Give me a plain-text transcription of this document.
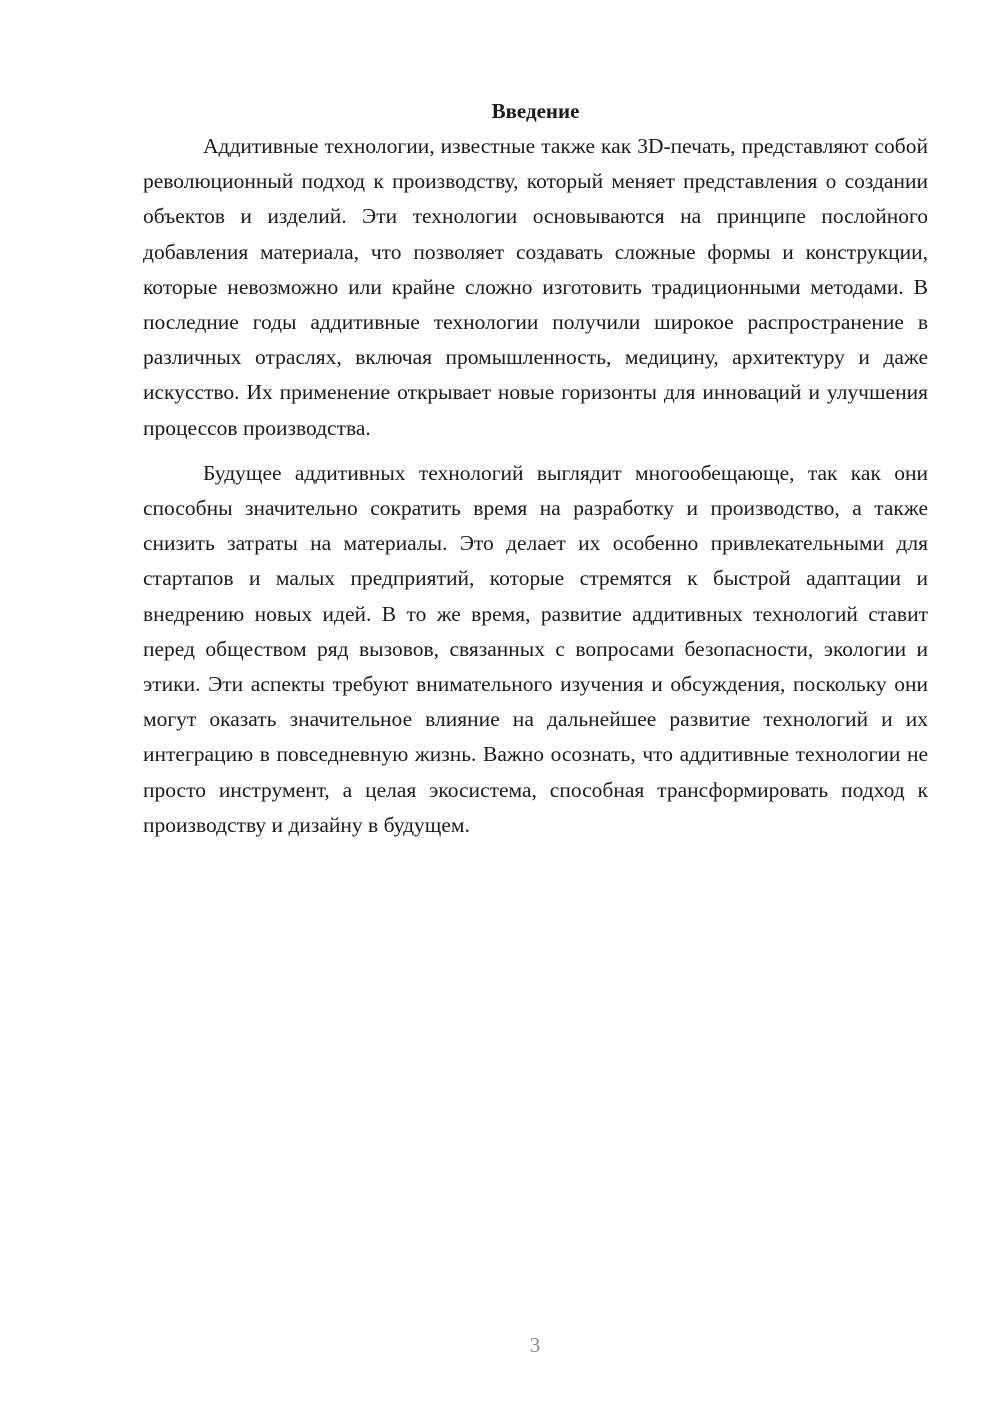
Введение

Аддитивные технологии, известные также как 3D-печать, представляют собой революционный подход к производству, который меняет представления о создании объектов и изделий. Эти технологии основываются на принципе послойного добавления материала, что позволяет создавать сложные формы и конструкции, которые невозможно или крайне сложно изготовить традиционными методами. В последние годы аддитивные технологии получили широкое распространение в различных отраслях, включая промышленность, медицину, архитектуру и даже искусство. Их применение открывает новые горизонты для инноваций и улучшения процессов производства.

Будущее аддитивных технологий выглядит многообещающе, так как они способны значительно сократить время на разработку и производство, а также снизить затраты на материалы. Это делает их особенно привлекательными для стартапов и малых предприятий, которые стремятся к быстрой адаптации и внедрению новых идей. В то же время, развитие аддитивных технологий ставит перед обществом ряд вызовов, связанных с вопросами безопасности, экологии и этики. Эти аспекты требуют внимательного изучения и обсуждения, поскольку они могут оказать значительное влияние на дальнейшее развитие технологий и их интеграцию в повседневную жизнь. Важно осознать, что аддитивные технологии не просто инструмент, а целая экосистема, способная трансформировать подход к производству и дизайну в будущем.

3
